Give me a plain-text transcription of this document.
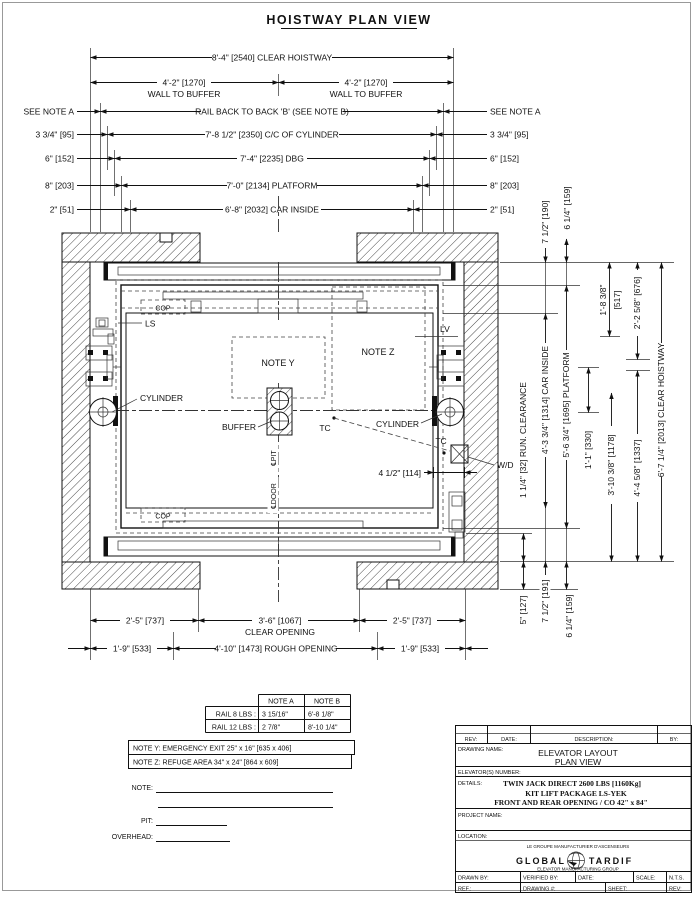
HOISTWAY PLAN VIEW
8'-4" [2540] CLEAR HOISTWAY
4'-2" [1270]
WALL TO BUFFER
4'-2" [1270]
WALL TO BUFFER
RAIL BACK TO BACK 'B' (SEE NOTE B)
SEE NOTE A	SEE NOTE A
7'-8 1/2" [2350] C/C OF CYLINDER
3 3/4" [95]	3 3/4" [95]
7'-4" [2235] DBG
6" [152]	6" [152]
7'-0" [2134] PLATFORM
8" [203]	8" [203]
6'-8" [2032] CAR INSIDE
2" [51]	2" [51]
COP
COP
NOTE Y
NOTE Z
BUFFER
℄PIT
℄DOOR
LS
CYLINDER
LV
CYLINDER
TC
TC
W/D
4 1/2" [114]	1 1/4" [32] RUN. CLEARANCE 4'-3 3/4" [1314] CAR INSIDE 5'-6 3/4" [1695] PLATFORM 1'-1" [330]
1'-8 3/8" [517]
3'-10 3/8" [1178]
2'-2 5/8" [676]
4'-4 5/8" [1337] 6'-7 1/4" [2013] CLEAR HOISTWAY
7 1/2" [190] 6 1/4" [159]
5" [127] 7 1/2" [191] 6 1/4" [159]
2'-5" [737]	3'-6" [1067]
CLEAR OPENING
2'-5" [737]
1'-9" [533]	4'-10" [1473] ROUGH OPENING	1'-9" [533]
NOTE A	NOTE B
RAIL 8 LBS : 3 15/16"	6'-8 1/8"
RAIL 12 LBS : 2 7/8"	8'-10 1/4"
NOTE Y: EMERGENCY EXIT 25" x 16" [635 x 406]
NOTE Z: REFUGE AREA 34" x 24" [864 x 609]
NOTE:
PIT:
OVERHEAD:
REV:	DATE:	DESCRIPTION:	BY:
DRAWING NAME:	ELEVATOR LAYOUT
PLAN VIEW
ELEVATOR(S) NUMBER:
DETAILS:	TWIN JACK DIRECT 2600 LBS [1160Kg]
KIT LIFT PACKAGE LS-YEK
FRONT AND REAR OPENING / CO 42" x 84"
PROJECT NAME:
LOCATION:
LE GROUPE MANUFACTURIER D'ASCENSEURS
GLOBAL	TARDIF
ELEVATOR MANUFACTURING GROUP
DRAWN BY:	VERIFIED BY:	DATE:	SCALE: N.T.S.
REF.:	DRAWING #:	SHEET:	REV:
